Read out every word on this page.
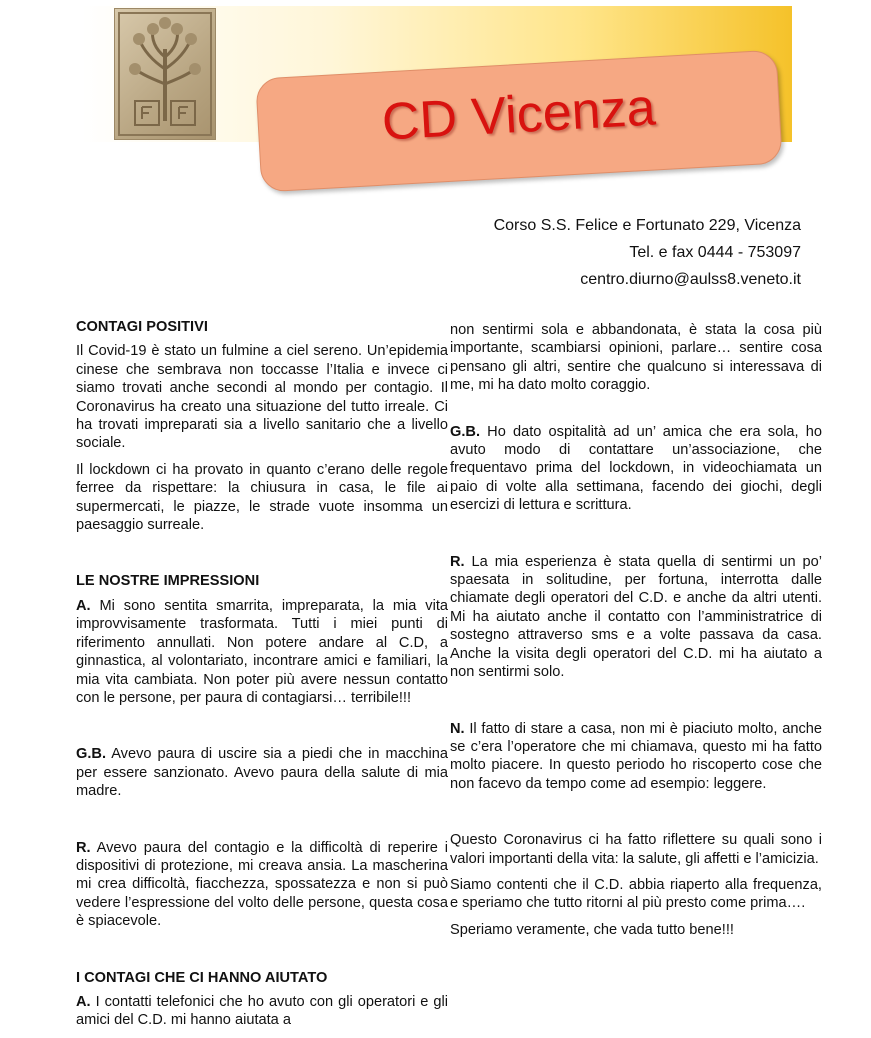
CD Vicenza
Corso S.S. Felice e Fortunato 229, Vicenza
Tel. e fax 0444 - 753097
centro.diurno@aulss8.veneto.it
CONTAGI POSITIVI

Il Covid-19 è stato un fulmine a ciel sereno. Un’epidemia cinese che sembrava non toccasse l’Italia e invece ci siamo trovati anche secondi al mondo per contagio. Il Coronavirus ha creato una situazione del tutto irreale. Ci ha trovati impreparati sia a livello sanitario che a livello sociale.

Il lockdown ci ha provato in quanto c’erano delle regole ferree da rispettare: la chiusura in casa, le file ai supermercati, le piazze, le strade vuote insomma un paesaggio surreale.

LE NOSTRE IMPRESSIONI

A. Mi sono sentita smarrita, impreparata, la mia vita improvvisamente trasformata. Tutti i miei punti di riferimento annullati. Non potere andare al C.D, a ginnastica, al volontariato, incontrare amici e familiari, la mia vita cambiata. Non poter più avere nessun contatto con le persone, per paura di contagiarsi… terribile!!!

G.B. Avevo paura di uscire sia a piedi che in macchina per essere sanzionato. Avevo paura della salute di mia madre.

R. Avevo paura del contagio e la difficoltà di reperire i dispositivi di protezione, mi creava ansia. La mascherina mi crea difficoltà, fiacchezza, spossatezza e non si può vedere l’espressione del volto delle persone, questa cosa è spiacevole.

I CONTAGI CHE CI HANNO AIUTATO

A. I contatti telefonici che ho avuto con gli operatori e gli amici del C.D. mi hanno aiutata a

non sentirmi sola e abbandonata, è stata la cosa più importante, scambiarsi opinioni, parlare… sentire cosa pensano gli altri, sentire che qualcuno si interessava di me, mi ha dato molto coraggio.

G.B. Ho dato ospitalità ad un’ amica che era sola, ho avuto modo di contattare un’associazione, che frequentavo prima del lockdown, in videochiamata un paio di volte alla settimana, facendo dei giochi, degli esercizi di lettura e scrittura.

R. La mia esperienza è stata quella di sentirmi un po’ spaesata in solitudine, per fortuna, interrotta dalle chiamate degli operatori del C.D. e anche da altri utenti. Mi ha aiutato anche il contatto con l’amministratrice di sostegno attraverso sms e a volte passava da casa. Anche la visita degli operatori del C.D. mi ha aiutato a non sentirmi solo.

N. Il fatto di stare a casa, non mi è piaciuto molto, anche se c’era l’operatore che mi chiamava, questo mi ha fatto molto piacere. In questo periodo ho riscoperto cose che non facevo da tempo come ad esempio: leggere.

Questo Coronavirus ci ha fatto riflettere su quali sono i valori importanti della vita: la salute, gli affetti e l’amicizia.

Siamo contenti che il C.D. abbia riaperto alla frequenza, e speriamo che tutto ritorni al più presto come prima….

Speriamo veramente, che vada tutto bene!!!
